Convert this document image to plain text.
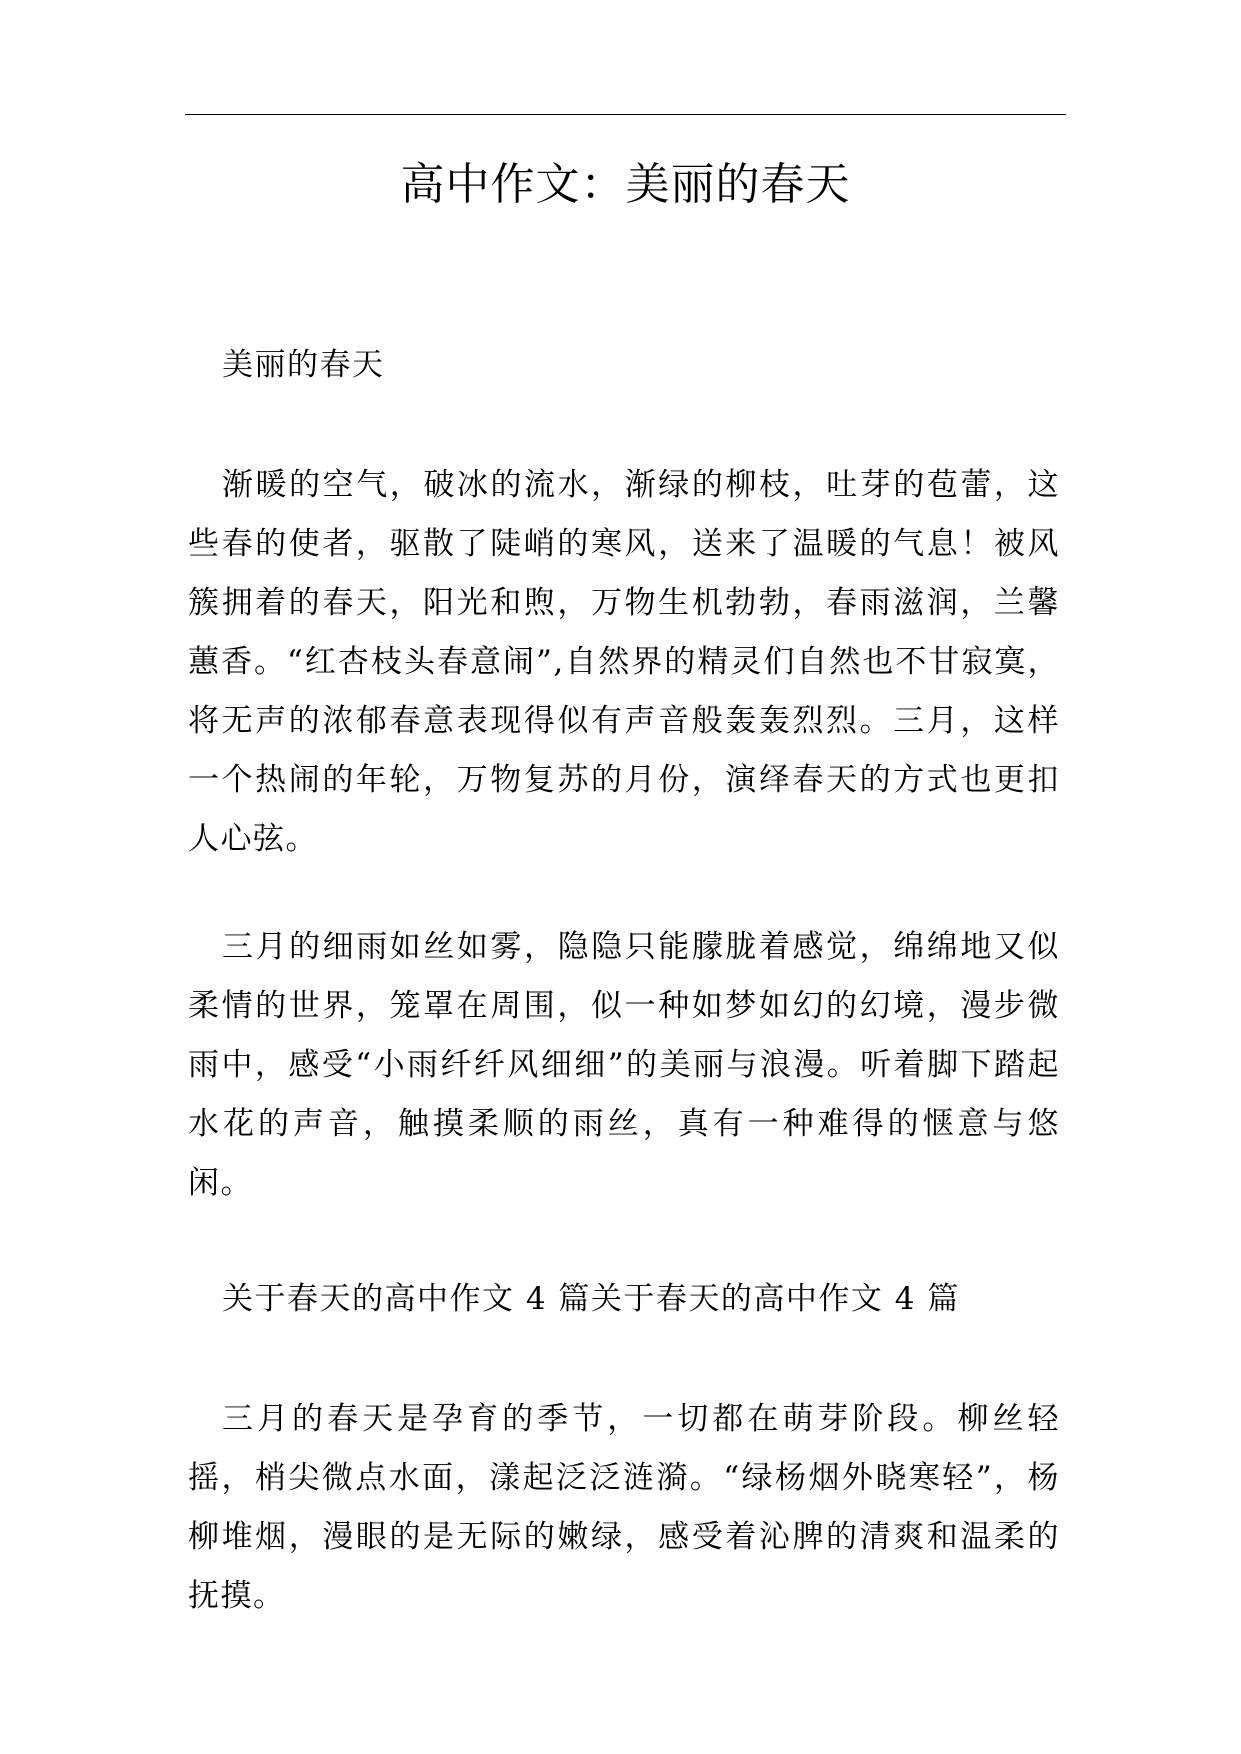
高中作文：美丽的春天

美丽的春天

渐暖的空气，破冰的流水，渐绿的柳枝，吐芽的苞蕾，这些春的使者，驱散了陡峭的寒风，送来了温暖的气息！被风簇拥着的春天，阳光和煦，万物生机勃勃，春雨滋润，兰馨蕙香。“红杏枝头春意闹”,自然界的精灵们自然也不甘寂寞，将无声的浓郁春意表现得似有声音般轰轰烈烈。三月，这样一个热闹的年轮，万物复苏的月份，演绎春天的方式也更扣人心弦。

三月的细雨如丝如雾，隐隐只能朦胧着感觉，绵绵地又似柔情的世界，笼罩在周围，似一种如梦如幻的幻境，漫步微雨中，感受“小雨纤纤风细细”的美丽与浪漫。听着脚下踏起水花的声音，触摸柔顺的雨丝，真有一种难得的惬意与悠闲。

关于春天的高中作文 4 篇关于春天的高中作文 4 篇

三月的春天是孕育的季节，一切都在萌芽阶段。柳丝轻摇，梢尖微点水面，漾起泛泛涟漪。“绿杨烟外晓寒轻”，杨柳堆烟，漫眼的是无际的嫩绿，感受着沁脾的清爽和温柔的抚摸。
